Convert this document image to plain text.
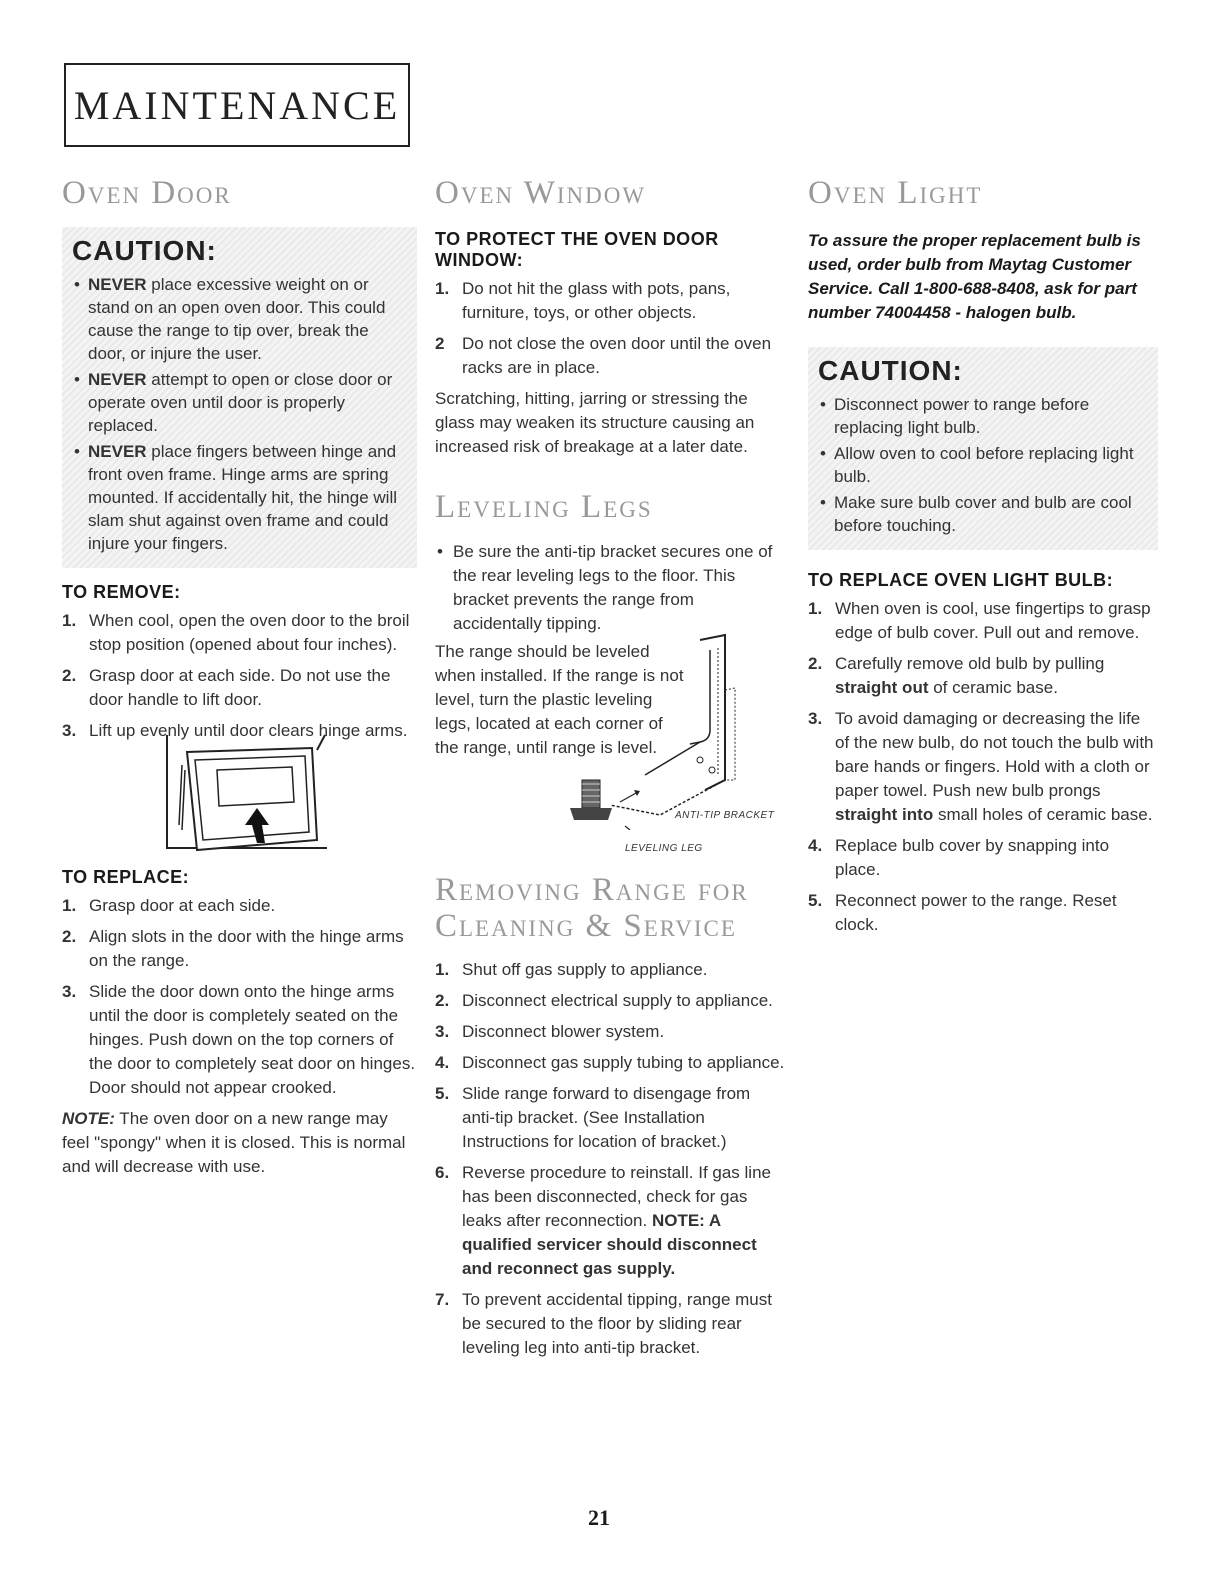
MAINTENANCE
Oven Door
CAUTION:
• NEVER place excessive weight on or stand on an open oven door. This could cause the range to tip over, break the door, or injure the user.
• NEVER attempt to open or close door or operate oven until door is properly replaced.
• NEVER place fingers between hinge and front oven frame. Hinge arms are spring mounted. If accidentally hit, the hinge will slam shut against oven frame and could injure your fingers.
TO REMOVE:
1. When cool, open the oven door to the broil stop position (opened about four inches).
2. Grasp door at each side. Do not use the door handle to lift door.
3. Lift up evenly until door clears hinge arms.
TO REPLACE:
1. Grasp door at each side.
2. Align slots in the door with the hinge arms on the range.
3. Slide the door down onto the hinge arms until the door is completely seated on the hinges. Push down on the top corners of the door to completely seat door on hinges. Door should not appear crooked.

NOTE: The oven door on a new range may feel "spongy" when it is closed. This is normal and will decrease with use.

Oven Window
TO PROTECT THE OVEN DOOR WINDOW:
1. Do not hit the glass with pots, pans, furniture, toys, or other objects.
2 Do not close the oven door until the oven racks are in place.

Scratching, hitting, jarring or stressing the glass may weaken its structure causing an increased risk of breakage at a later date.

Leveling Legs
• Be sure the anti-tip bracket secures one of the rear leveling legs to the floor. This bracket prevents the range from accidentally tipping.
The range should be leveled when installed. If the range is not level, turn the plastic leveling legs, located at each corner of the range, until range is level.
ANTI-TIP BRACKET
LEVELING LEG
Removing Range for
Cleaning & Service
1. Shut off gas supply to appliance.
2. Disconnect electrical supply to appliance.
3. Disconnect blower system.
4. Disconnect gas supply tubing to appliance.
5. Slide range forward to disengage from anti-tip bracket. (See Installation Instructions for location of bracket.)
6. Reverse procedure to reinstall. If gas line has been disconnected, check for gas leaks after reconnection. NOTE: A qualified servicer should disconnect and reconnect gas supply.
7. To prevent accidental tipping, range must be secured to the floor by sliding rear leveling leg into anti-tip bracket.
Oven Light

To assure the proper replacement bulb is used, order bulb from Maytag Customer Service. Call 1-800-688-8408, ask for part number 74004458 - halogen bulb.

CAUTION:
• Disconnect power to range before replacing light bulb.
• Allow oven to cool before replacing light bulb.
• Make sure bulb cover and bulb are cool before touching.
TO REPLACE OVEN LIGHT BULB:
1. When oven is cool, use fingertips to grasp edge of bulb cover. Pull out and remove.
2. Carefully remove old bulb by pulling straight out of ceramic base.
3. To avoid damaging or decreasing the life of the new bulb, do not touch the bulb with bare hands or fingers. Hold with a cloth or paper towel. Push new bulb prongs straight into small holes of ceramic base.
4. Replace bulb cover by snapping into place.
5. Reconnect power to the range. Reset clock.
21
